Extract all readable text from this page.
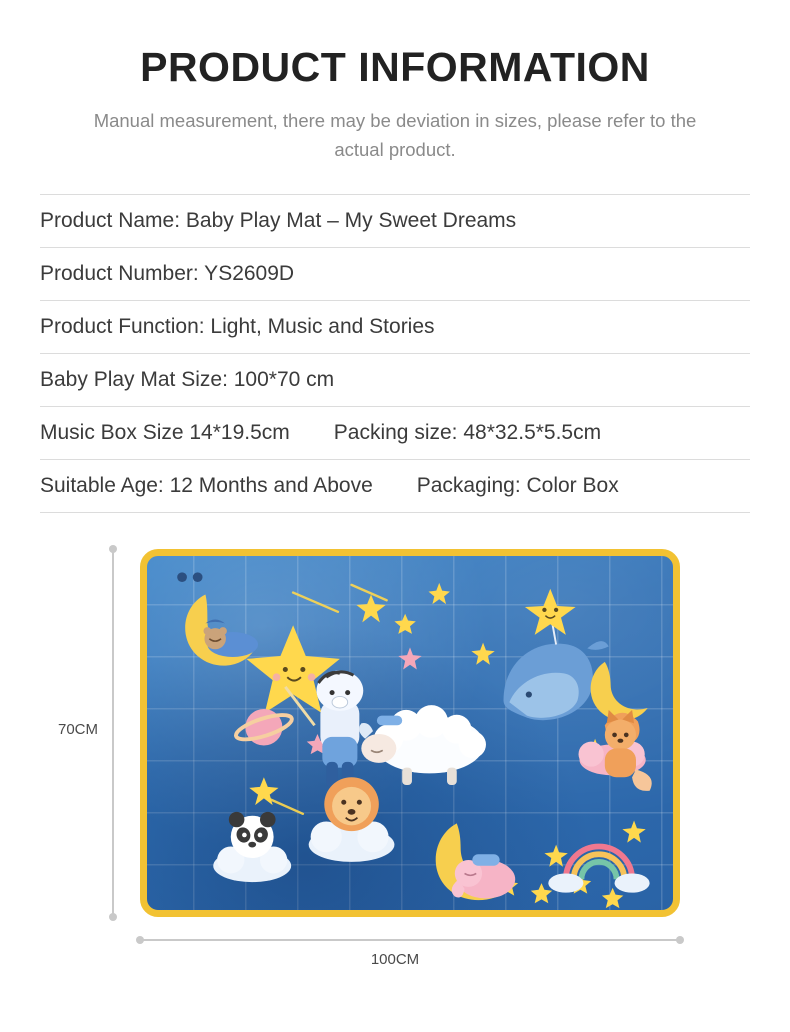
PRODUCT INFORMATION

Manual measurement, there may be deviation in sizes, please refer to the actual product.

Product Name: Baby Play Mat – My Sweet Dreams
Product Number: YS2609D
Product Function: Light, Music and Stories
Baby Play Mat Size: 100*70 cm
Music Box Size 14*19.5cm Packing size: 48*32.5*5.5cm
Suitable Age: 12 Months and Above Packaging: Color Box
70CM
100CM
